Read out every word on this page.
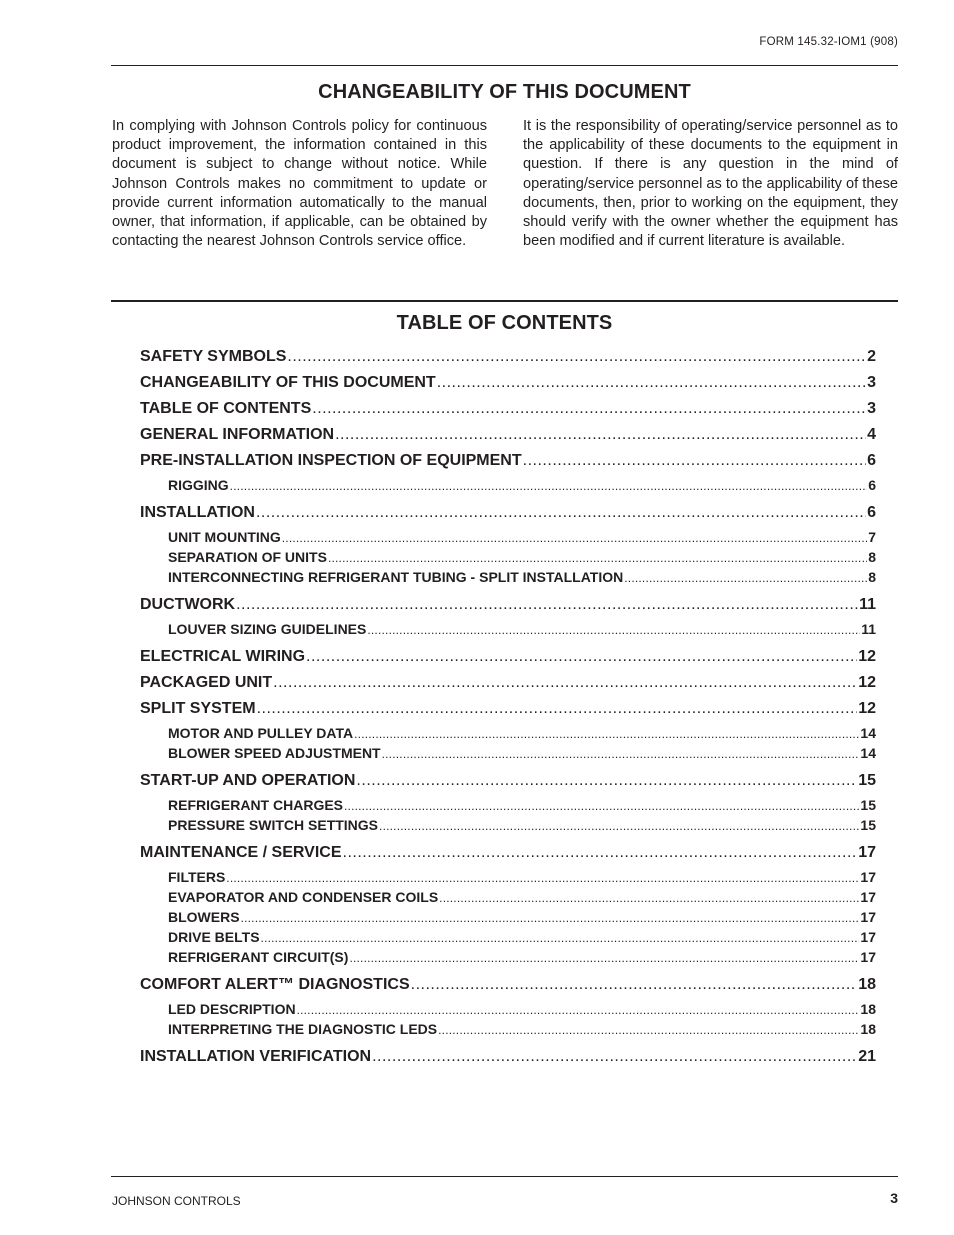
FORM 145.32-IOM1 (908)
CHANGEABILITY OF THIS DOCUMENT
In complying with Johnson Controls policy for continuous product improvement, the information contained in this document is subject to change without notice. While Johnson Controls makes no commitment to update or provide current information automatically to the manual owner, that information, if applicable, can be obtained by contacting the nearest Johnson Controls service office.
It is the responsibility of operating/service personnel as to the applicability of these documents to the equipment in question. If there is any question in the mind of operating/service personnel as to the applicability of these documents, then, prior to working on the equipment, they should verify with the owner whether the equipment has been modified and if current literature is available.
TABLE OF CONTENTS
SAFETY SYMBOLS .....	2
CHANGEABILITY OF THIS DOCUMENT .....	3
TABLE OF CONTENTS .....	3
GENERAL INFORMATION .....	4
PRE-INSTALLATION INSPECTION OF EQUIPMENT .....	6
RIGGING .....	6
INSTALLATION .....	6
UNIT MOUNTING .....	7
SEPARATION OF UNITS .....	8
INTERCONNECTING REFRIGERANT TUBING - SPLIT INSTALLATION .....	8
DUCTWORK .....	11
LOUVER SIZING GUIDELINES .....	11
ELECTRICAL WIRING .....	12
PACKAGED UNIT .....	12
SPLIT SYSTEM .....	12
MOTOR AND PULLEY DATA .....	14
BLOWER SPEED ADJUSTMENT .....	14
START-UP AND OPERATION .....	15
REFRIGERANT CHARGES .....	15
PRESSURE SWITCH SETTINGS .....	15
MAINTENANCE / SERVICE .....	17
FILTERS .....	17
EVAPORATOR AND CONDENSER COILS .....	17
BLOWERS .....	17
DRIVE BELTS .....	17
REFRIGERANT CIRCUIT(S) .....	17
COMFORT ALERT™ DIAGNOSTICS .....	18
LED DESCRIPTION .....	18
INTERPRETING THE DIAGNOSTIC LEDS .....	18
INSTALLATION VERIFICATION .....	21
JOHNSON CONTROLS	3
